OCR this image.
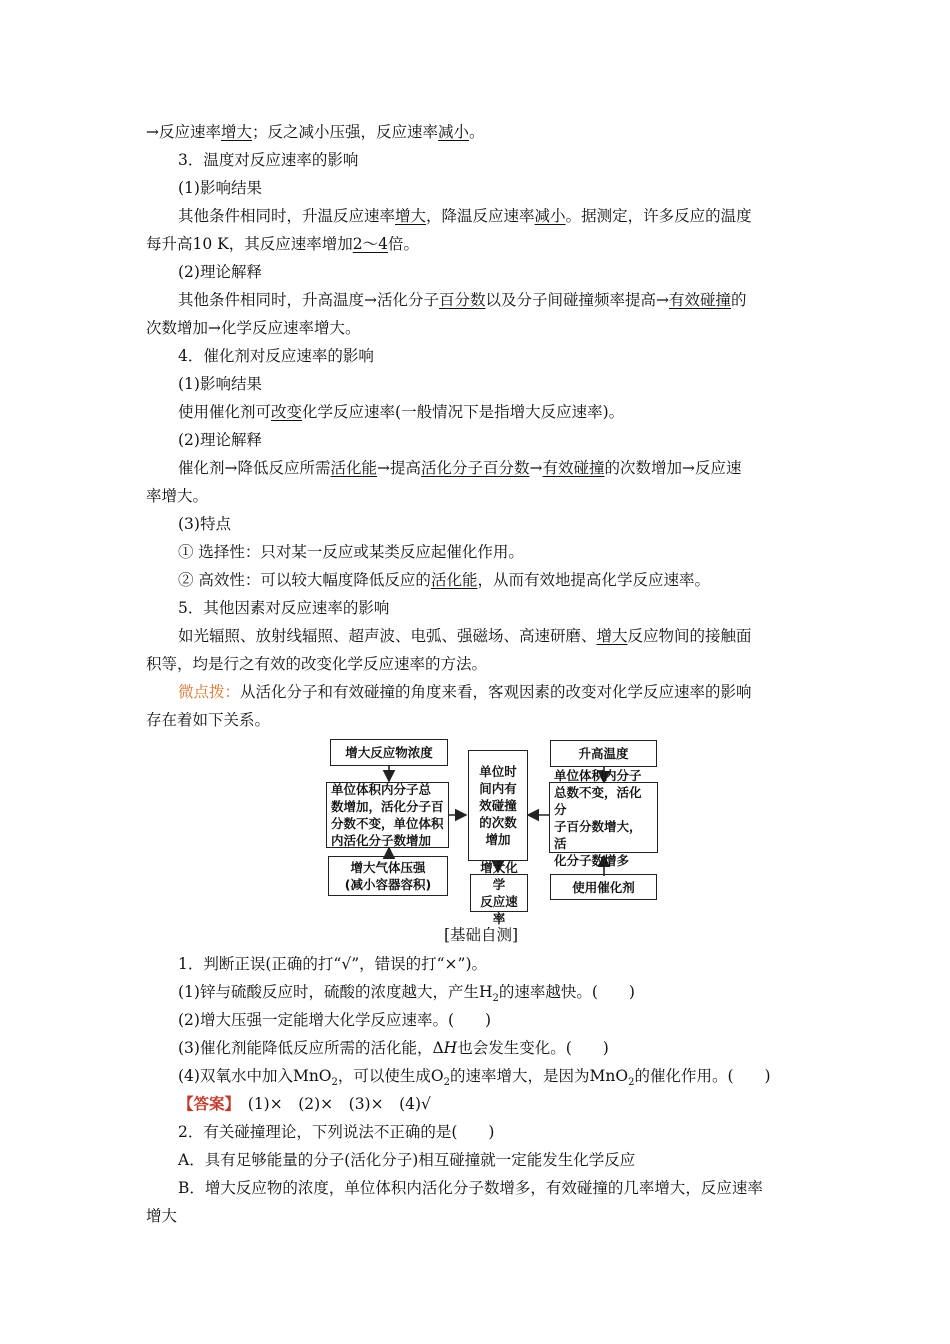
→反应速率增大；反之减小压强，反应速率减小。
3．温度对反应速率的影响
(1)影响结果
其他条件相同时，升温反应速率增大，降温反应速率减小。据测定，许多反应的温度
每升高10 K，其反应速率增加2～4倍。
(2)理论解释
其他条件相同时，升高温度→活化分子百分数以及分子间碰撞频率提高→有效碰撞的
次数增加→化学反应速率增大。
4．催化剂对反应速率的影响
(1)影响结果
使用催化剂可改变化学反应速率(一般情况下是指增大反应速率)。
(2)理论解释
催化剂→降低反应所需活化能→提高活化分子百分数→有效碰撞的次数增加→反应速
率增大。
(3)特点
① 选择性：只对某一反应或某类反应起催化作用。
② 高效性：可以较大幅度降低反应的活化能，从而有效地提高化学反应速率。
5．其他因素对反应速率的影响
如光辐照、放射线辐照、超声波、电弧、强磁场、高速研磨、增大反应物间的接触面
积等，均是行之有效的改变化学反应速率的方法。
微点拨：从活化分子和有效碰撞的角度来看，客观因素的改变对化学反应速率的影响
存在着如下关系。
增大反应物浓度
单位体积内分子总
数增加，活化分子百
分数不变，单位体积
内活化分子数增加
增大气体压强
(减小容器容积)
单位时
间内有
效碰撞
的次数
增加
增大化学
反应速率
升高温度
单位体积内分子
总数不变，活化分
子百分数增大，活
化分子数增多
使用催化剂
[基础自测]
1．判断正误(正确的打“√”，错误的打“×”)。
(1)锌与硫酸反应时，硫酸的浓度越大，产生$H_2$的速率越快。(　　)
(2)增大压强一定能增大化学反应速率。(　　)
(3)催化剂能降低反应所需的活化能，ΔH也会发生变化。(　　)
(4)双氧水中加入MnO$_2$，可以使生成$O_2$的速率增大，是因为MnO$_2$的催化作用。(　　)
【答案】　(1)×　(2)×　(3)×　(4)√
2．有关碰撞理论，下列说法不正确的是(　　)
A．具有足够能量的分子(活化分子)相互碰撞就一定能发生化学反应
B．增大反应物的浓度，单位体积内活化分子数增多，有效碰撞的几率增大，反应速率
增大
